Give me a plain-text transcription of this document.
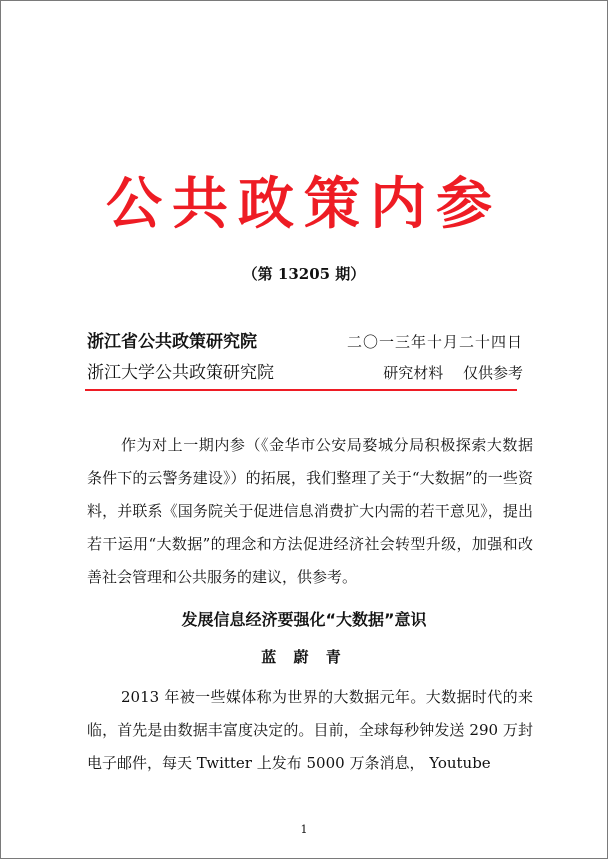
公共政策内参
（第 13205 期）
浙江省公共政策研究院	二〇一三年十月二十四日
浙江大学公共政策研究院	研究材料　 仅供参考

作为对上一期内参（《金华市公安局婺城分局积极探索大数据条件下的云警务建设》）的拓展，我们整理了关于“大数据”的一些资料，并联系《国务院关于促进信息消费扩大内需的若干意见》，提出若干运用“大数据”的理念和方法促进经济社会转型升级，加强和改善社会管理和公共服务的建议，供参考。

发展信息经济要强化“大数据”意识
蓝 蔚 青

2013 年被一些媒体称为世界的大数据元年。大数据时代的来临，首先是由数据丰富度决定的。目前，全球每秒钟发送 290 万封电子邮件，每天 Twitter 上发布 5000 万条消息， Youtube

1
